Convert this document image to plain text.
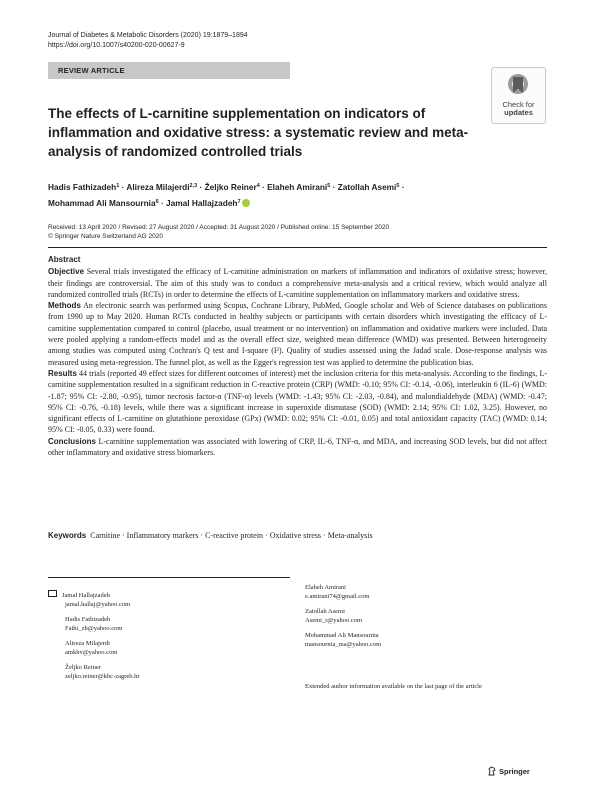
Journal of Diabetes & Metabolic Disorders (2020) 19:1879–1894
https://doi.org/10.1007/s40200-020-00627-9
REVIEW ARTICLE
Check for
updates
The effects of L-carnitine supplementation on indicators of inflammation and oxidative stress: a systematic review and meta-analysis of randomized controlled trials
Hadis Fathizadeh$^1$ · Alireza Milajerdi$^{2,3}$ · Željko Reiner$^4$ · Elaheh Amirani$^5$ · Zatollah Asemi$^5$ ·
Mohammad Ali Mansournia$^6$ · Jamal Hallajzadeh$^7$
Received: 13 April 2020 / Revised: 27 August 2020 / Accepted: 31 August 2020 / Published online: 15 September 2020
© Springer Nature Switzerland AG 2020
Abstract

Objective Several trials investigated the efficacy of L-carnitine administration on markers of inflammation and indicators of oxidative stress; however, their findings are controversial. The aim of this study was to conduct a comprehensive meta-analysis and a critical review, which would analyze all randomized controlled trials (RCTs) in order to determine the effects of L-carnitine supplementation on inflammatory markers and oxidative stress.

Methods An electronic search was performed using Scopus, Cochrane Library, PubMed, Google scholar and Web of Science databases on publications from 1990 up to May 2020. Human RCTs conducted in healthy subjects or participants with certain disorders which investigating the efficacy of L-carnitine supplementation compared to control (placebo, usual treatment or no intervention) on inflammation and oxidative markers were included. Data were pooled applying a random-effects model and as the overall effect size, weighted mean difference (WMD) was presented. Between heterogeneity among studies was computed using Cochran's Q test and I-square (I²). Quality of studies assessed using the Jadad scale. Dose-response analysis was measured using meta-regression. The funnel plot, as well as the Egger's regression test was applied to determine the publication bias.

Results 44 trials (reported 49 effect sizes for different outcomes of interest) met the inclusion criteria for this meta-analysis. According to the findings, L-carnitine supplementation resulted in a significant reduction in C-reactive protein (CRP) (WMD: -0.10; 95% CI: -0.14, -0.06), interleukin 6 (IL-6) (WMD: -1.87; 95% CI: -2.80, -0.95), tumor necrosis factor-α (TNF-α) levels (WMD: -1.43; 95% CI: -2.03, -0.84), and malondialdehyde (MDA) (WMD: -0.47; 95% CI: -0.76, -0.18) levels, while there was a significant increase in superoxide dismutase (SOD) (WMD: 2.14; 95% CI: 1.02, 3.25). However, no significant effects of L-carnitine on glutathione peroxidase (GPx) (WMD: 0.02; 95% CI: -0.01, 0.05) and total antioxidant capacity (TAC) (WMD: 0.14; 95% CI: -0.05, 0.33) were found.

Conclusions L-carnitine supplementation was associated with lowering of CRP, IL-6, TNF-α, and MDA, and increasing SOD levels, but did not affect other inflammatory and oxidative stress biomarkers.

Keywords Carnitine · Inflammatory markers · C-reactive protein · Oxidative stress · Meta-analysis
Jamal Hallajzadeh
jamal.hallaj@yahoo.com
Hadis Fathizadeh
Fathi_zh@yahoo.com
Alireza Milajerdi
amkhv@yahoo.com
Željko Reiner
zeljko.reiner@kbc-zagreb.hr
Elaheh Amirani
e.amirani74@gmail.com
Zatollah Asemi
Asemi_r@yahoo.com
Mohammad Ali Mansournia
mansournia_ma@yahoo.com
Extended author information available on the last page of the article
Springer
